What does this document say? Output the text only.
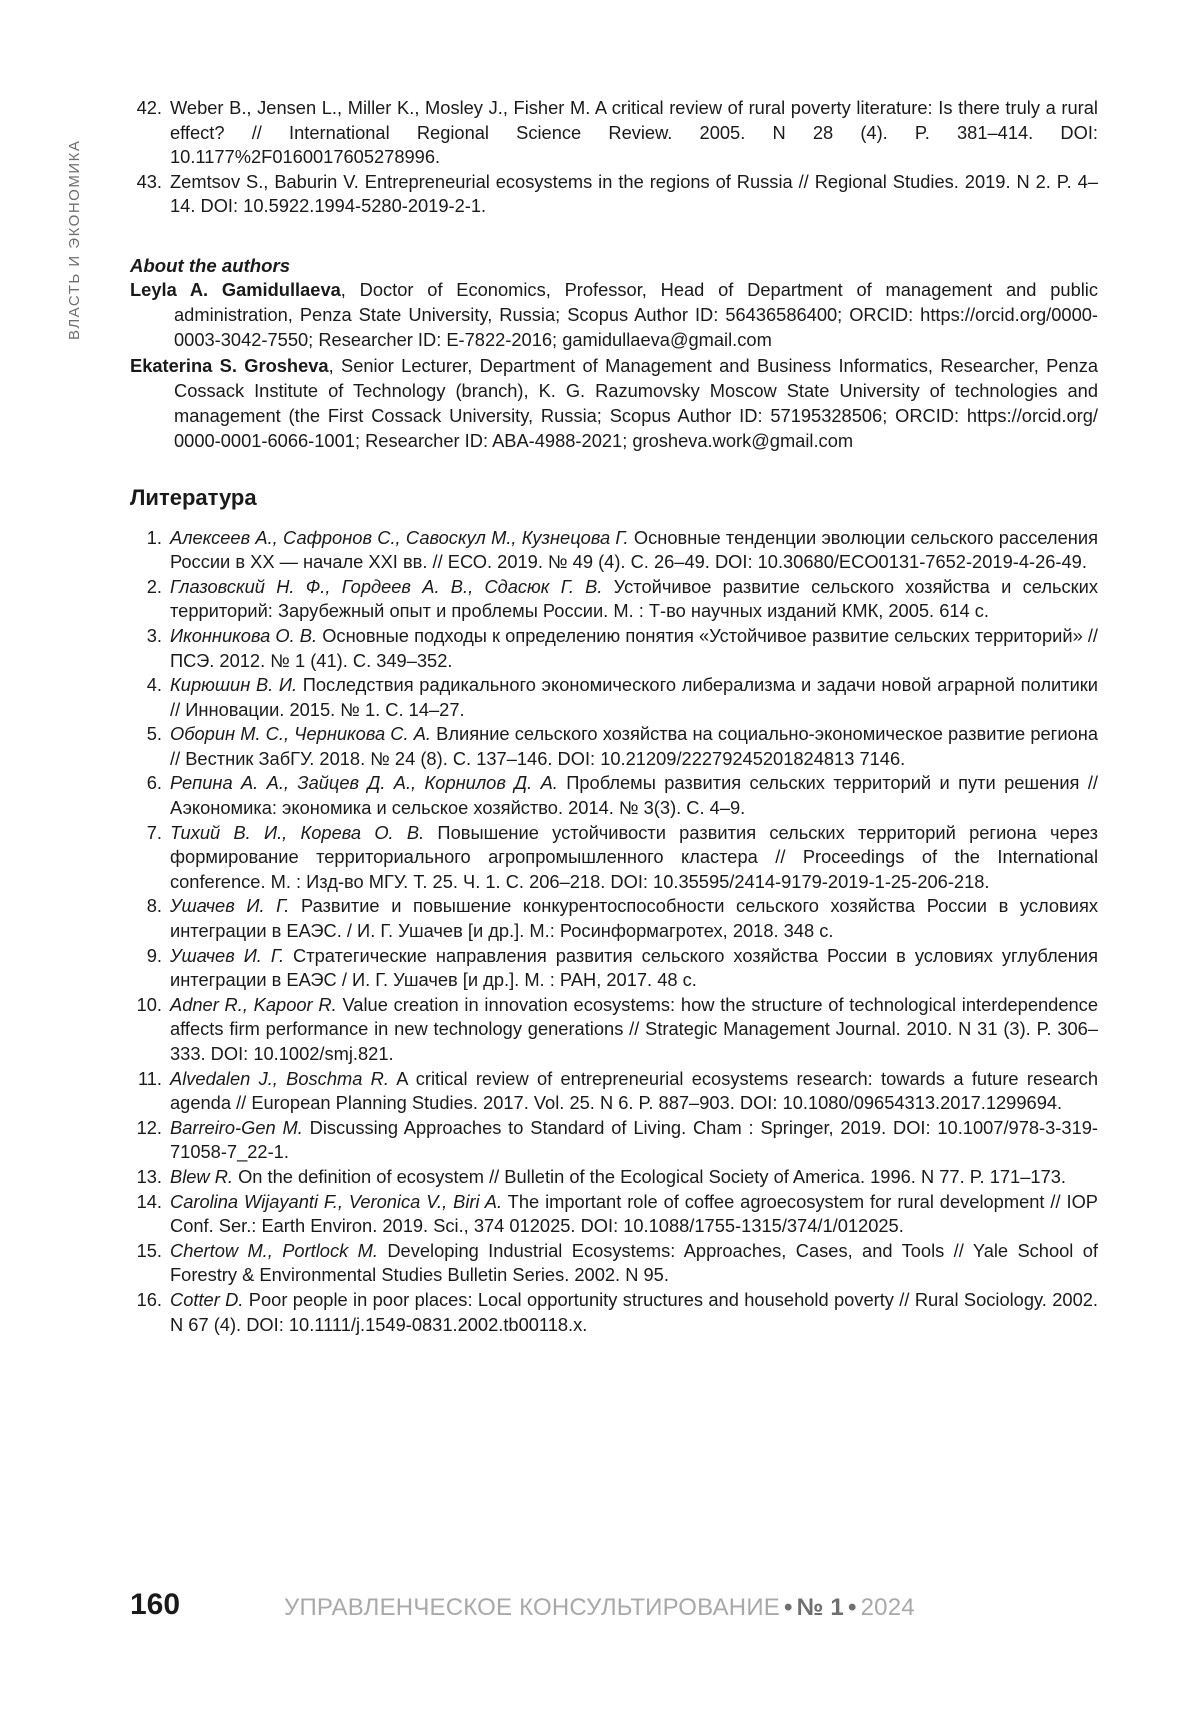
ВЛАСТЬ И ЭКОНОМИКА
42. Weber B., Jensen L., Miller K., Mosley J., Fisher M. A critical review of rural poverty literature: Is there truly a rural effect? // International Regional Science Review. 2005. N 28 (4). P. 381–414. DOI: 10.1177%2F0160017605278996.
43. Zemtsov S., Baburin V. Entrepreneurial ecosystems in the regions of Russia // Regional Studies. 2019. N 2. P. 4–14. DOI: 10.5922.1994-5280-2019-2-1.
About the authors

Leyla A. Gamidullaeva, Doctor of Economics, Professor, Head of Department of management and public administration, Penza State University, Russia; Scopus Author ID: 56436586400; ORCID: https://orcid.org/0000-0003-3042-7550; Researcher ID: E-7822-2016; gamidullaeva@gmail.com

Ekaterina S. Grosheva, Senior Lecturer, Department of Management and Business Informatics, Researcher, Penza Cossack Institute of Technology (branch), K. G. Razumovsky Moscow State University of technologies and management (the First Cossack University, Russia; Scopus Author ID: 57195328506; ORCID: https://orcid.org/ 0000-0001-6066-1001; Researcher ID: ABA-4988-2021; grosheva.work@gmail.com

Литература
1. Алексеев А., Сафронов С., Савоскул М., Кузнецова Г. Основные тенденции эволюции сельского расселения России в XX — начале XXI вв. // ЕСО. 2019. № 49 (4). С. 26–49. DOI: 10.30680/ECO0131-7652-2019-4-26-49.
2. Глазовский Н. Ф., Гордеев А. В., Сдасюк Г. В. Устойчивое развитие сельского хозяйства и сельских территорий: Зарубежный опыт и проблемы России. М. : Т-во научных изданий КМК, 2005. 614 с.
3. Иконникова О. В. Основные подходы к определению понятия «Устойчивое развитие сельских территорий» // ПСЭ. 2012. № 1 (41). С. 349–352.
4. Кирюшин В. И. Последствия радикального экономического либерализма и задачи новой аграрной политики // Инновации. 2015. № 1. С. 14–27.
5. Оборин М. С., Черникова С. А. Влияние сельского хозяйства на социально-экономическое развитие региона // Вестник ЗабГУ. 2018. № 24 (8). С. 137–146. DOI: 10.21209/22279245201824813 7146.
6. Репина А. А., Зайцев Д. А., Корнилов Д. А. Проблемы развития сельских территорий и пути решения // Аэкономика: экономика и сельское хозяйство. 2014. № 3(3). С. 4–9.
7. Тихий В. И., Корева О. В. Повышение устойчивости развития сельских территорий региона через формирование территориального агропромышленного кластера // Proceedings of the International conference. М. : Изд-во МГУ. Т. 25. Ч. 1. С. 206–218. DOI: 10.35595/2414-9179-2019-1-25-206-218.
8. Ушачев И. Г. Развитие и повышение конкурентоспособности сельского хозяйства России в условиях интеграции в ЕАЭС. / И. Г. Ушачев [и др.]. М.: Росинформагротех, 2018. 348 с.
9. Ушачев И. Г. Стратегические направления развития сельского хозяйства России в условиях углубления интеграции в ЕАЭС / И. Г. Ушачев [и др.]. М. : РАН, 2017. 48 с.
10. Adner R., Kapoor R. Value creation in innovation ecosystems: how the structure of technological interdependence affects firm performance in new technology generations // Strategic Management Journal. 2010. N 31 (3). P. 306–333. DOI: 10.1002/smj.821.
11. Alvedalen J., Boschma R. A critical review of entrepreneurial ecosystems research: towards a future research agenda // European Planning Studies. 2017. Vol. 25. N 6. P. 887–903. DOI: 10.1080/09654313.2017.1299694.
12. Barreiro-Gen M. Discussing Approaches to Standard of Living. Cham : Springer, 2019. DOI: 10.1007/978-3-319-71058-7_22-1.
13. Blew R. On the definition of ecosystem // Bulletin of the Ecological Society of America. 1996. N 77. P. 171–173.
14. Carolina Wijayanti F., Veronica V., Biri A. The important role of coffee agroecosystem for rural development // IOP Conf. Ser.: Earth Environ. 2019. Sci., 374 012025. DOI: 10.1088/1755-1315/374/1/012025.
15. Chertow M., Portlock M. Developing Industrial Ecosystems: Approaches, Cases, and Tools // Yale School of Forestry & Environmental Studies Bulletin Series. 2002. N 95.
16. Cotter D. Poor people in poor places: Local opportunity structures and household poverty // Rural Sociology. 2002. N 67 (4). DOI: 10.1111/j.1549-0831.2002.tb00118.x.
160	УПРАВЛЕНЧЕСКОЕ КОНСУЛЬТИРОВАНИЕ • № 1 • 2024
